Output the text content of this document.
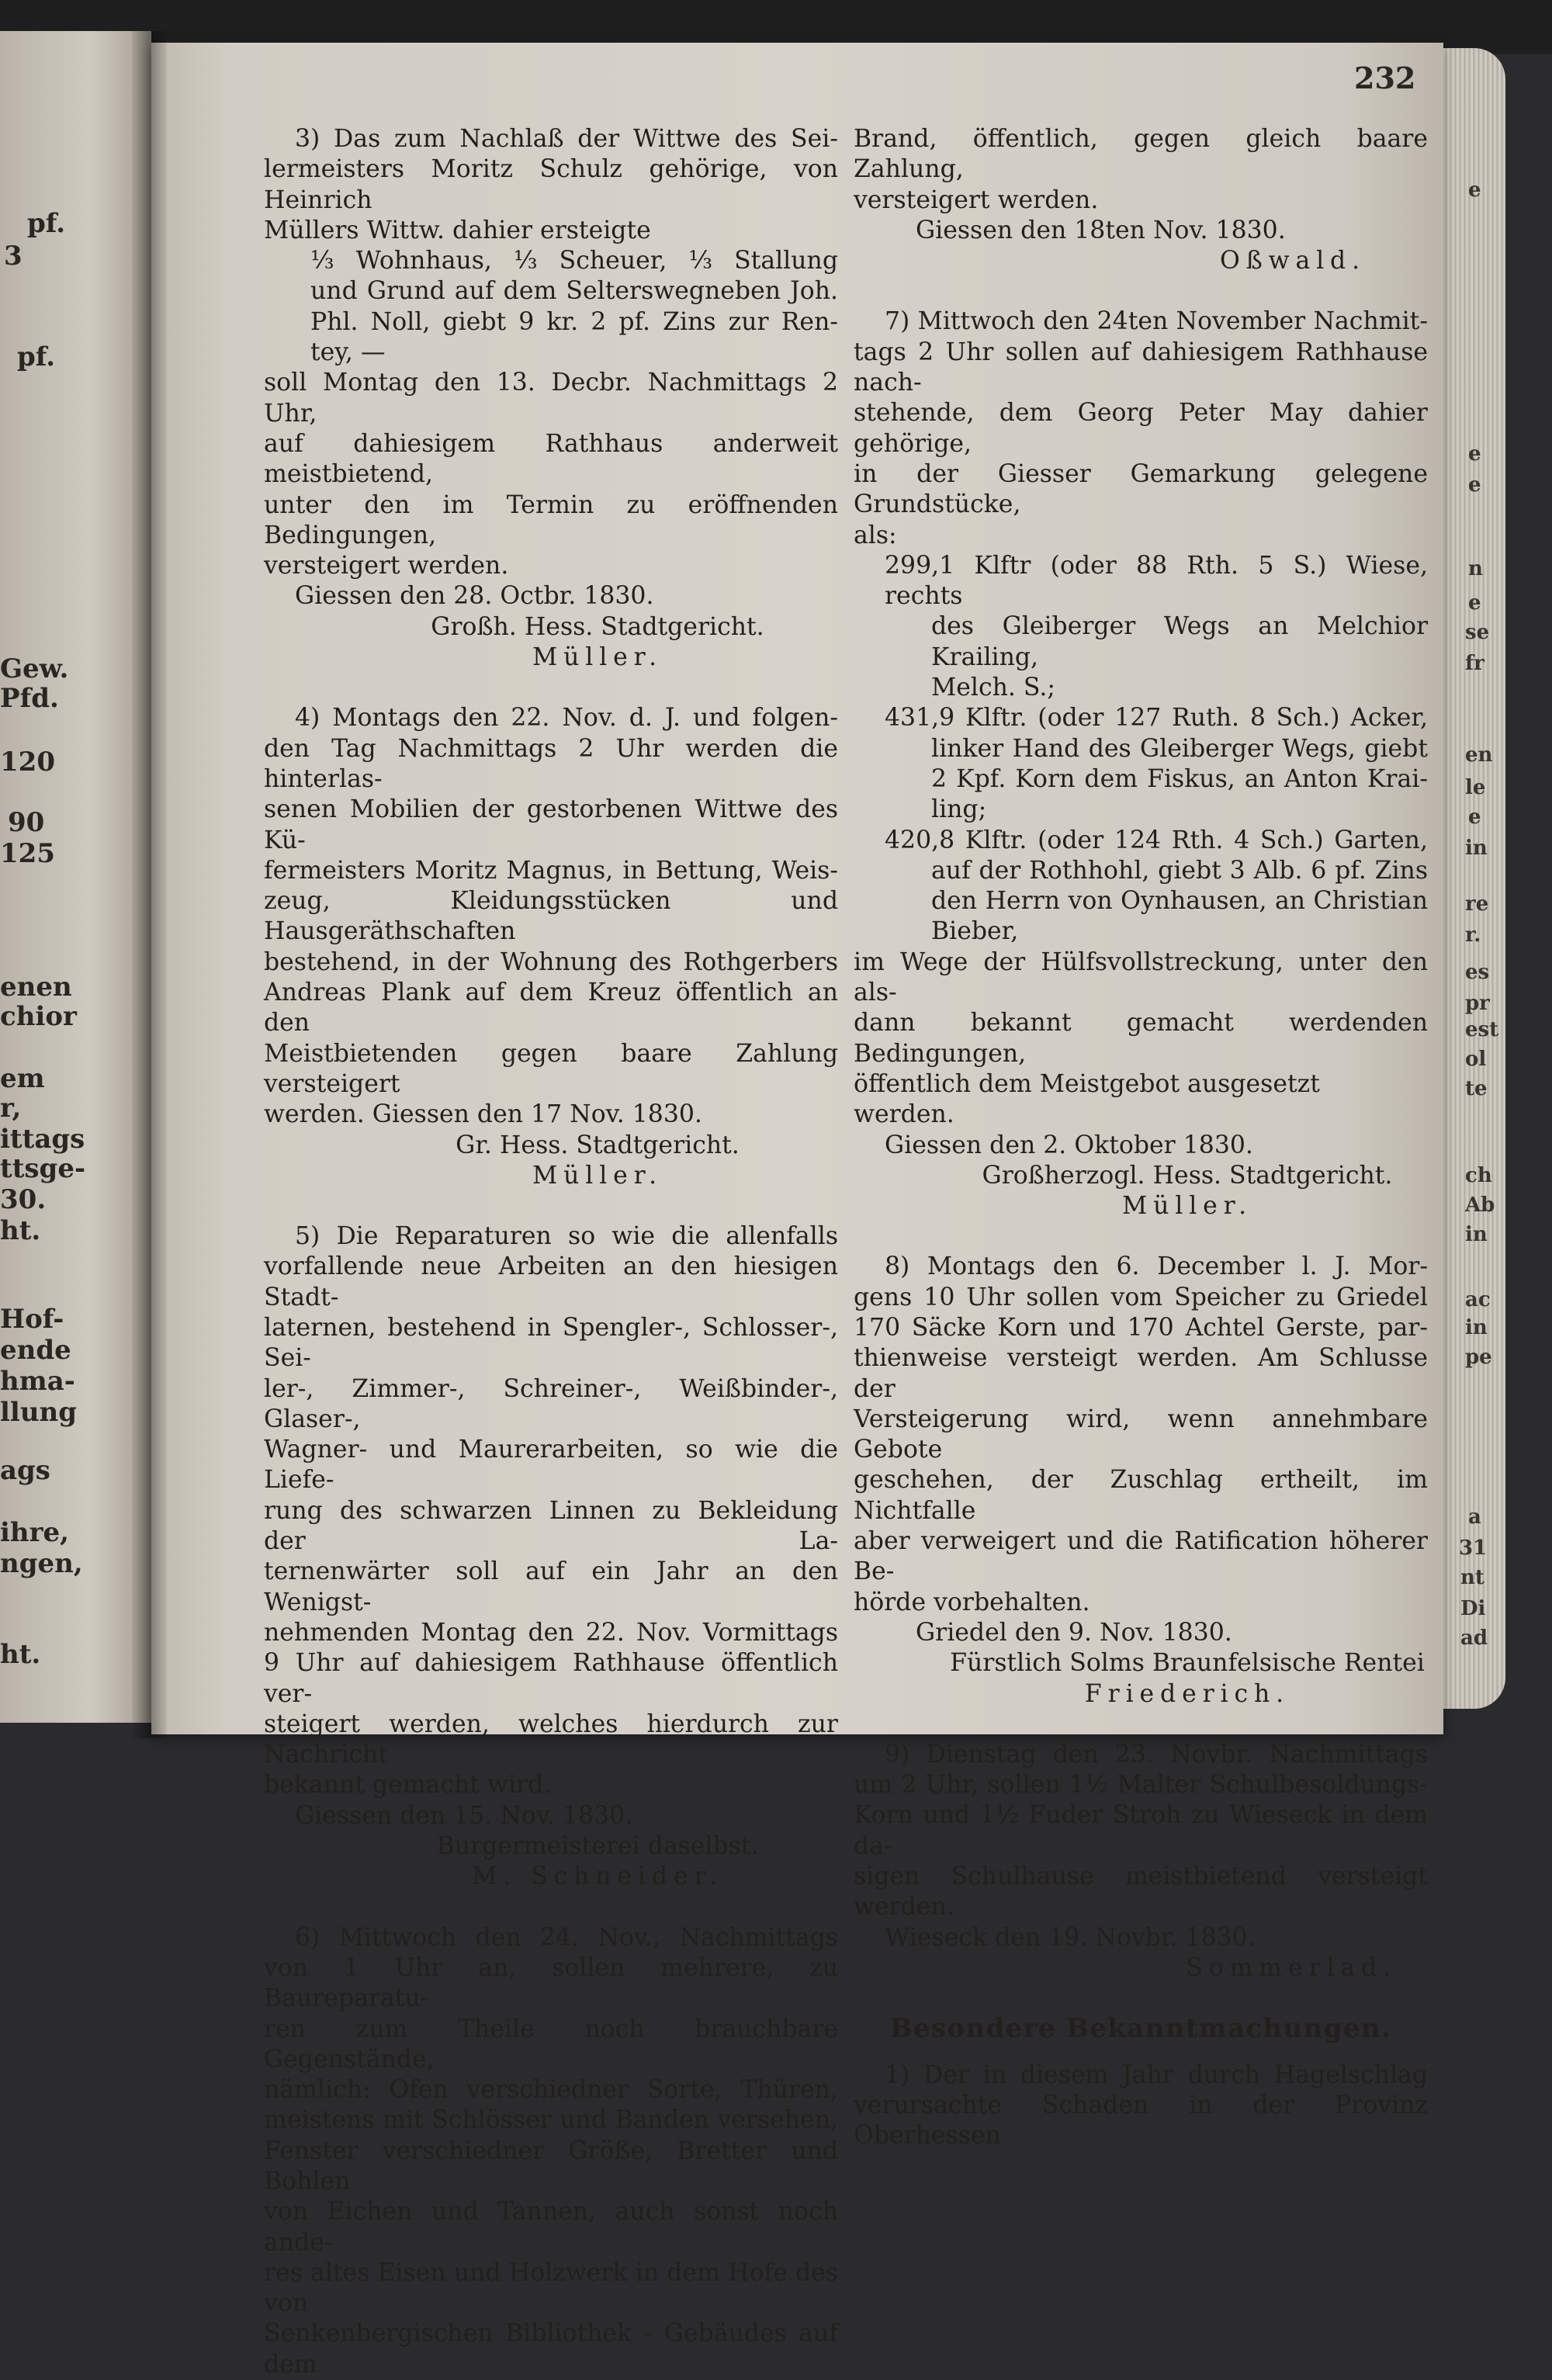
pf.
3
pf.
Gew.
Pfd.
120
90
125
enen
chior
em
r,
ittags
ttsge-
30.
ht.
Hof-
ende
hma-
llung
ags
ihre,
ngen,
ht.
e
e
e
n
e
se
fr
en
le
e
in
re
r.
es
pr
est
ol
te
ch
Ab
in
ac
in
pe
a
31
nt
Di
ad
232

3) Das zum Nachlaß der Wittwe des Sei-

lermeisters Moritz Schulz gehörige, von Heinrich

Müllers Wittw. dahier ersteigte

⅓ Wohnhaus, ⅓ Scheuer, ⅓ Stallung

und Grund auf dem Selterswegneben Joh.

Phl. Noll, giebt 9 kr. 2 pf. Zins zur Ren-

tey, —

soll Montag den 13. Decbr. Nachmittags 2 Uhr,

auf dahiesigem Rathhaus anderweit meistbietend,

unter den im Termin zu eröffnenden Bedingungen,

versteigert werden.

Giessen den 28. Octbr. 1830.

Großh. Hess. Stadtgericht.

Müller.

4) Montags den 22. Nov. d. J. und folgen-

den Tag Nachmittags 2 Uhr werden die hinterlas-

senen Mobilien der gestorbenen Wittwe des Kü-

fermeisters Moritz Magnus, in Bettung, Weis-

zeug, Kleidungsstücken und Hausgeräthschaften

bestehend, in der Wohnung des Rothgerbers

Andreas Plank auf dem Kreuz öffentlich an den

Meistbietenden gegen baare Zahlung versteigert

werden. Giessen den 17 Nov. 1830.

Gr. Hess. Stadtgericht.

Müller.

5) Die Reparaturen so wie die allenfalls

vorfallende neue Arbeiten an den hiesigen Stadt-

laternen, bestehend in Spengler-, Schlosser-, Sei-

ler-, Zimmer-, Schreiner-, Weißbinder-, Glaser-,

Wagner- und Maurerarbeiten, so wie die Liefe-

rung des schwarzen Linnen zu Bekleidung der La-

ternenwärter soll auf ein Jahr an den Wenigst-

nehmenden Montag den 22. Nov. Vormittags

9 Uhr auf dahiesigem Rathhause öffentlich ver-

steigert werden, welches hierdurch zur Nachricht

bekannt gemacht wird.

Giessen den 15. Nov. 1830.

Burgermeisterei daselbst.

M. Schneider.

6) Mittwoch den 24. Nov., Nachmittags

von 1 Uhr an, sollen mehrere, zu Baureparatu-

ren zum Theile noch brauchbare Gegenstände,

nämlich: Ofen verschiedner Sorte, Thüren,

meistens mit Schlösser und Banden versehen,

Fenster verschiedner Größe, Bretter und Bohlen

von Eichen und Tannen, auch sonst noch ande-

res altes Eisen und Holzwerk in dem Hofe des von

Senkenbergischen Bibliothek - Gebäudes auf dem

Brand, öffentlich, gegen gleich baare Zahlung,

versteigert werden.

Giessen den 18ten Nov. 1830.

Oßwald.

7) Mittwoch den 24ten November Nachmit-

tags 2 Uhr sollen auf dahiesigem Rathhause nach-

stehende, dem Georg Peter May dahier gehörige,

in der Giesser Gemarkung gelegene Grundstücke,

als:

299,1 Klftr (oder 88 Rth. 5 S.) Wiese, rechts

des Gleiberger Wegs an Melchior Krailing,

Melch. S.;

431,9 Klftr. (oder 127 Ruth. 8 Sch.) Acker,

linker Hand des Gleiberger Wegs, giebt

2 Kpf. Korn dem Fiskus, an Anton Krai-

ling;

420,8 Klftr. (oder 124 Rth. 4 Sch.) Garten,

auf der Rothhohl, giebt 3 Alb. 6 pf. Zins

den Herrn von Oynhausen, an Christian

Bieber,

im Wege der Hülfsvollstreckung, unter den als-

dann bekannt gemacht werdenden Bedingungen,

öffentlich dem Meistgebot ausgesetzt werden.

Giessen den 2. Oktober 1830.

Großherzogl. Hess. Stadtgericht.

Müller.

8) Montags den 6. December l. J. Mor-

gens 10 Uhr sollen vom Speicher zu Griedel

170 Säcke Korn und 170 Achtel Gerste, par-

thienweise versteigt werden. Am Schlusse der

Versteigerung wird, wenn annehmbare Gebote

geschehen, der Zuschlag ertheilt, im Nichtfalle

aber verweigert und die Ratification höherer Be-

hörde vorbehalten.

Griedel den 9. Nov. 1830.

Fürstlich Solms Braunfelsische Rentei

Friederich.

9) Dienstag den 23. Novbr. Nachmittags

um 2 Uhr, sollen 1½ Malter Schulbesoldungs-

Korn und 1½ Fuder Stroh zu Wieseck in dem da-

sigen Schulhause meistbietend versteigt werden.

Wieseck den 19. Novbr. 1830.

Sommerlad.

Besondere Bekanntmachungen.

1) Der in diesem Jahr durch Hagelschlag

verursachte Schaden in der Provinz Oberhessen
